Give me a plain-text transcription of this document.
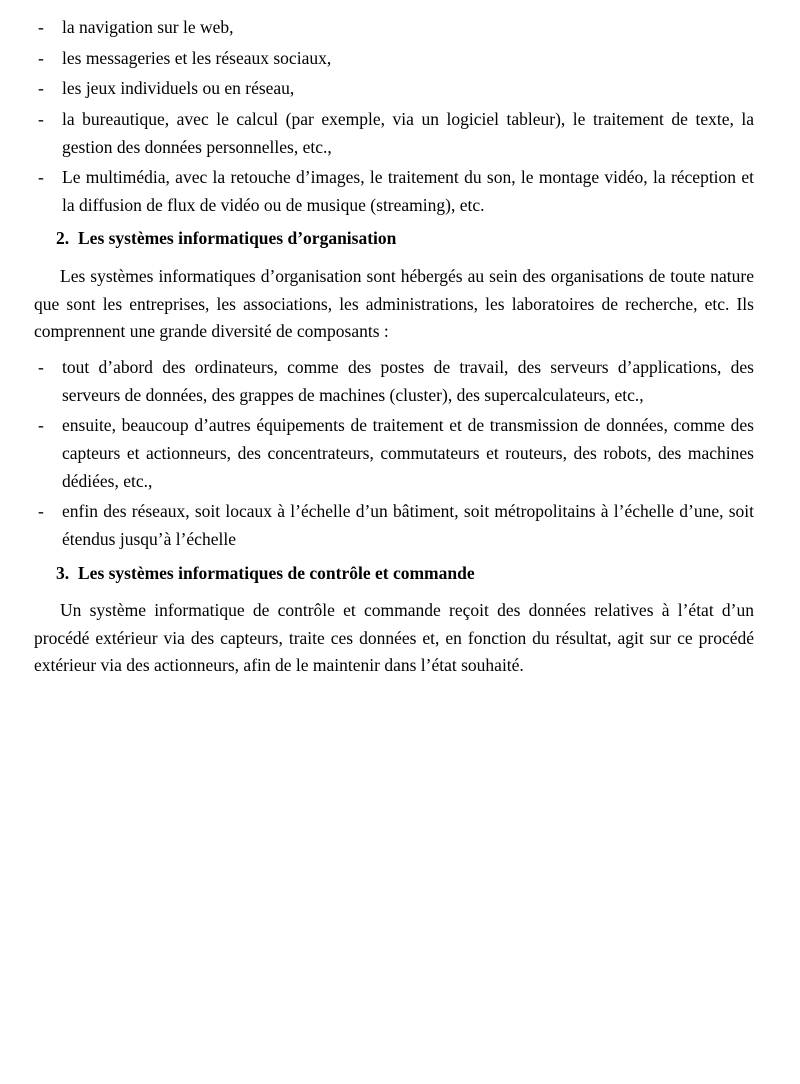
-	la navigation sur le web,
-	les messageries et les réseaux sociaux,
-	les jeux individuels ou en réseau,
-	la bureautique, avec le calcul (par exemple, via un logiciel tableur), le traitement de texte, la gestion des données personnelles, etc.,
-	Le multimédia, avec la retouche d’images, le traitement du son, le montage vidéo, la réception et la diffusion de flux de vidéo ou de musique (streaming), etc.
2. Les systèmes informatiques d’organisation

Les systèmes informatiques d’organisation sont hébergés au sein des organisations de toute nature que sont les entreprises, les associations, les administrations, les laboratoires de recherche, etc. Ils comprennent une grande diversité de composants :

-	tout d’abord des ordinateurs, comme des postes de travail, des serveurs d’applications, des serveurs de données, des grappes de machines (cluster), des supercalculateurs, etc.,
-	ensuite, beaucoup d’autres équipements de traitement et de transmission de données, comme des capteurs et actionneurs, des concentrateurs, commutateurs et routeurs, des robots, des machines dédiées, etc.,
-	enfin des réseaux, soit locaux à l’échelle d’un bâtiment, soit métropolitains à l’échelle d’une, soit étendus jusqu’à l’échelle
3. Les systèmes informatiques de contrôle et commande

Un système informatique de contrôle et commande reçoit des données relatives à l’état d’un procédé extérieur via des capteurs, traite ces données et, en fonction du résultat, agit sur ce procédé extérieur via des actionneurs, afin de le maintenir dans l’état souhaité.
